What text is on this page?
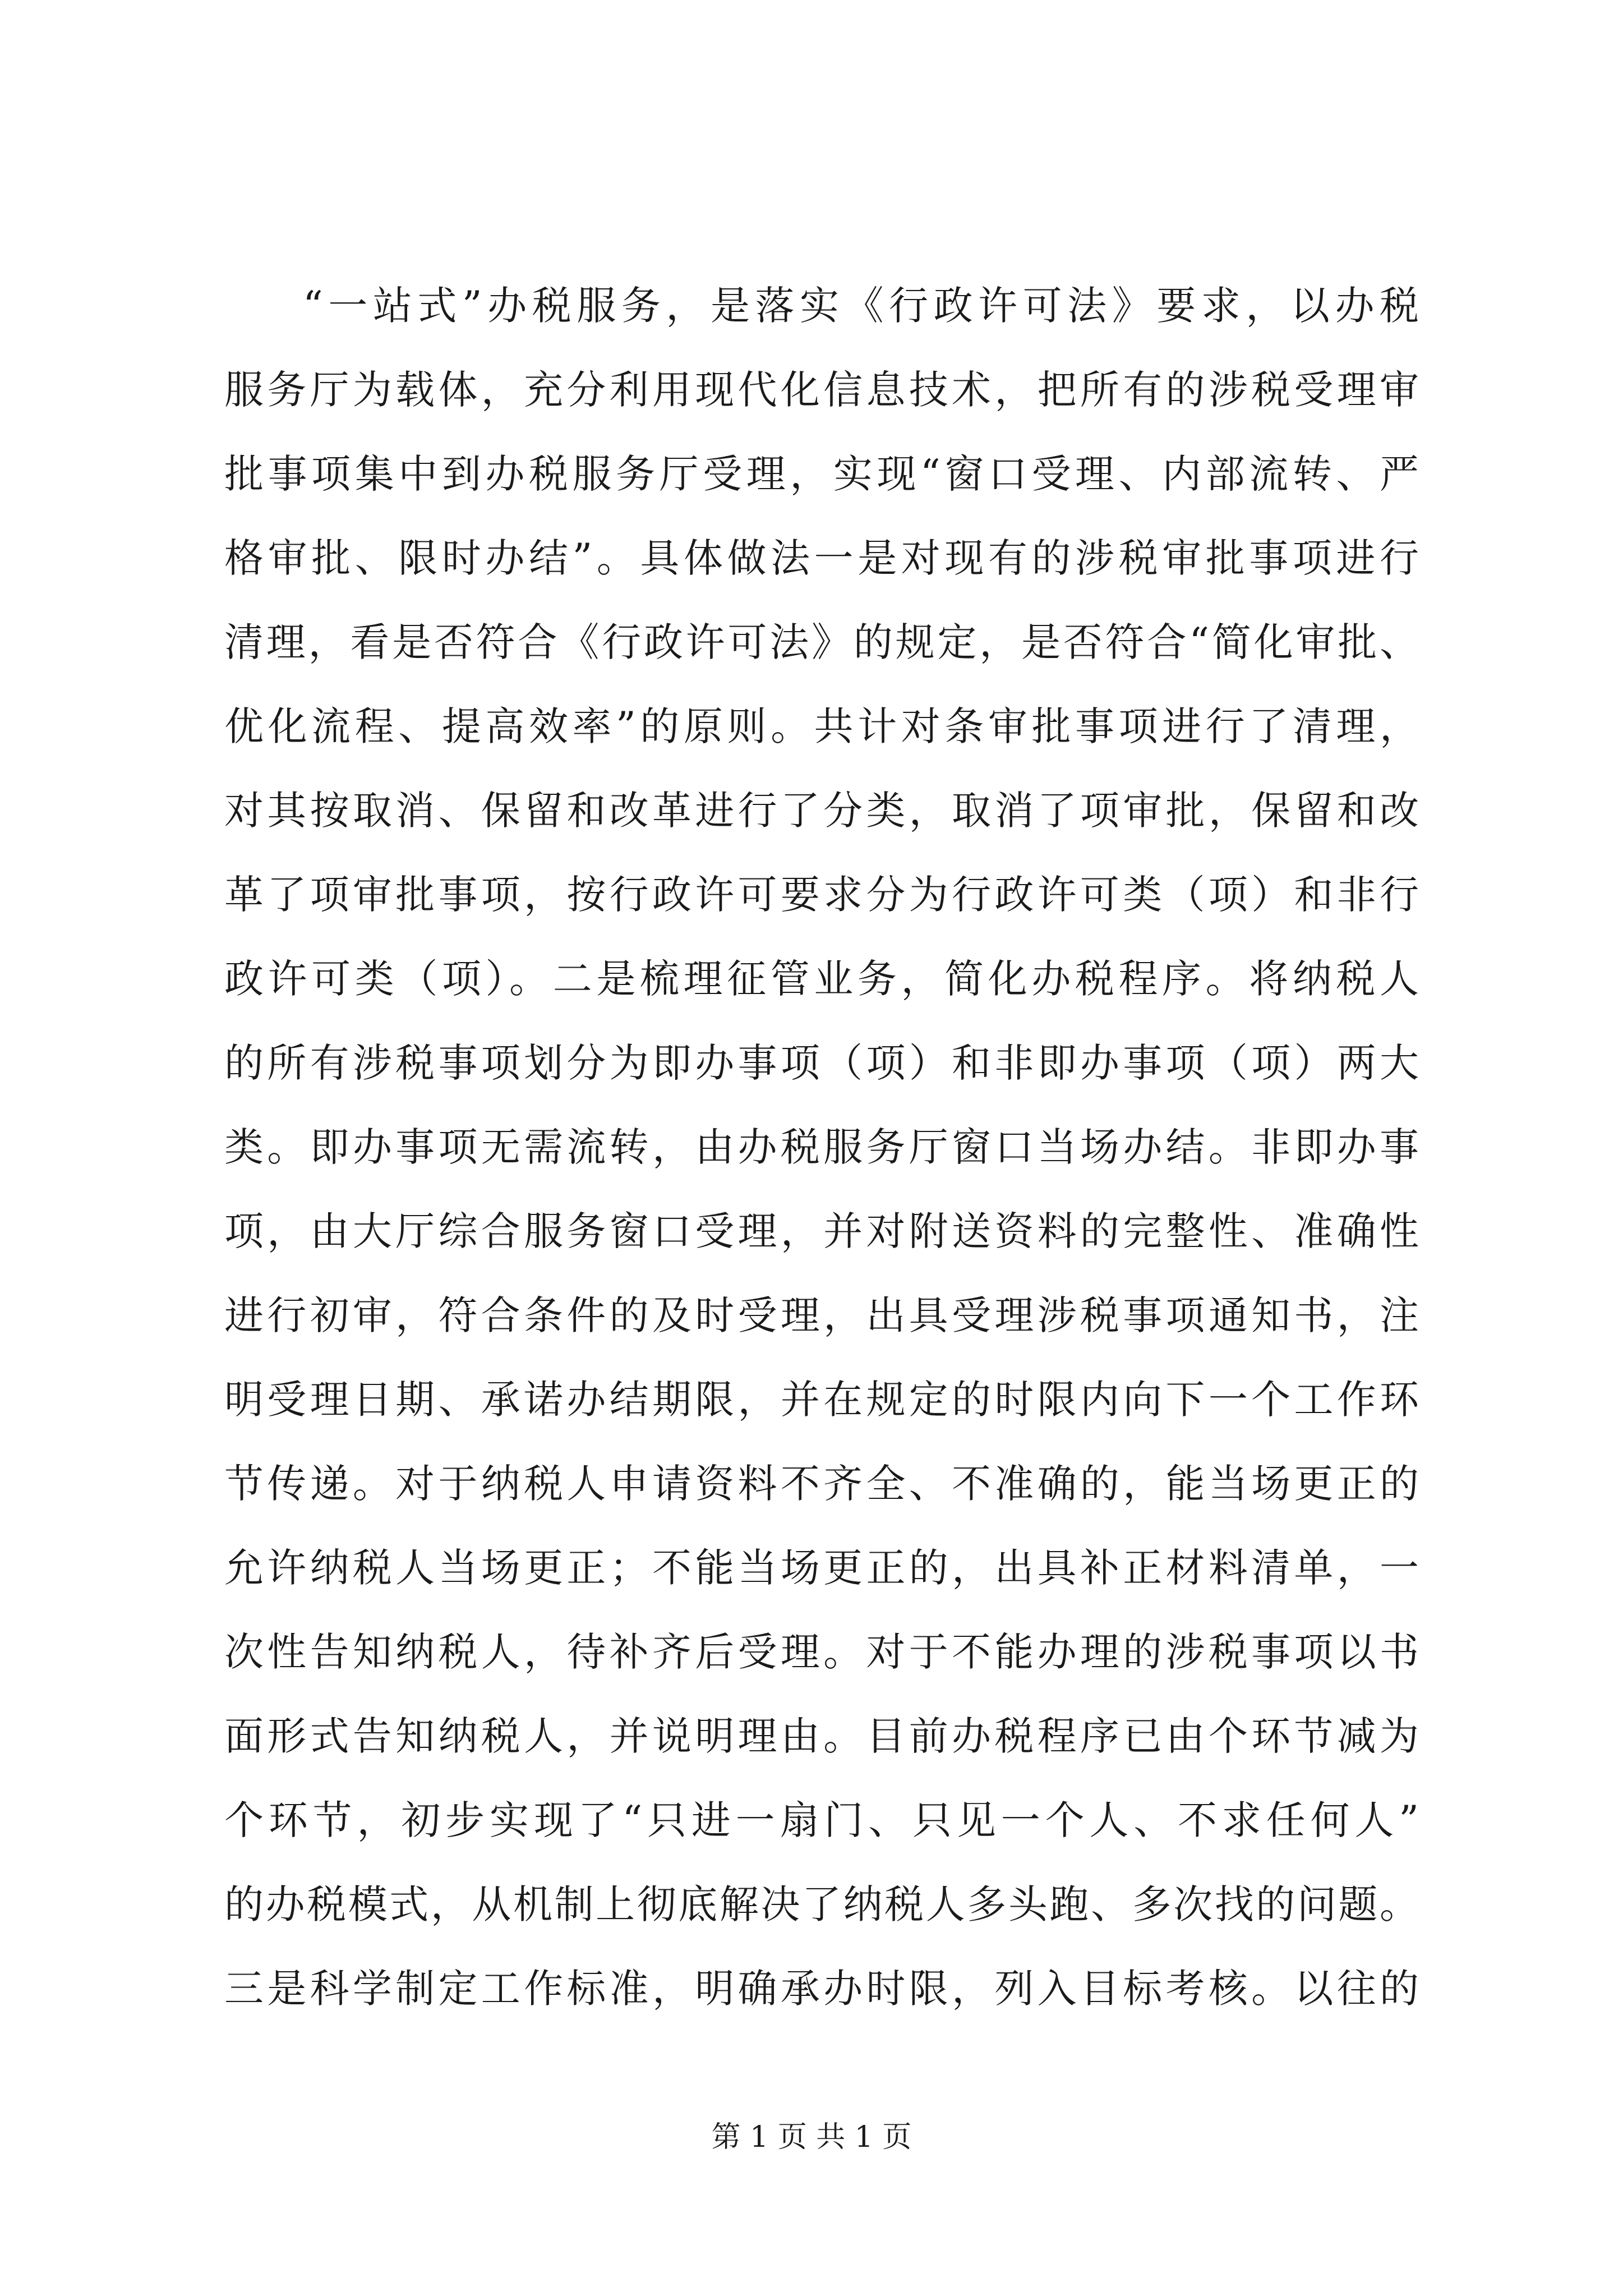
“一站式”办税服务，是落实《行政许可法》要求，以办税
服务厅为载体，充分利用现代化信息技术，把所有的涉税受理审
批事项集中到办税服务厅受理，实现“窗口受理、内部流转、严
格审批、限时办结”。具体做法一是对现有的涉税审批事项进行
清理，看是否符合《行政许可法》的规定，是否符合“简化审批、
优化流程、提高效率”的原则。共计对条审批事项进行了清理，
对其按取消、保留和改革进行了分类，取消了项审批，保留和改
革了项审批事项，按行政许可要求分为行政许可类（项）和非行
政许可类（项）。二是梳理征管业务，简化办税程序。将纳税人
的所有涉税事项划分为即办事项（项）和非即办事项（项）两大
类。即办事项无需流转，由办税服务厅窗口当场办结。非即办事
项，由大厅综合服务窗口受理，并对附送资料的完整性、准确性
进行初审，符合条件的及时受理，出具受理涉税事项通知书，注
明受理日期、承诺办结期限，并在规定的时限内向下一个工作环
节传递。对于纳税人申请资料不齐全、不准确的，能当场更正的
允许纳税人当场更正；不能当场更正的，出具补正材料清单，一
次性告知纳税人，待补齐后受理。对于不能办理的涉税事项以书
面形式告知纳税人，并说明理由。目前办税程序已由个环节减为
个环节，初步实现了“只进一扇门、只见一个人、不求任何人”
的办税模式，从机制上彻底解决了纳税人多头跑、多次找的问题。
三是科学制定工作标准，明确承办时限，列入目标考核。以往的
第 1 页 共 1 页
